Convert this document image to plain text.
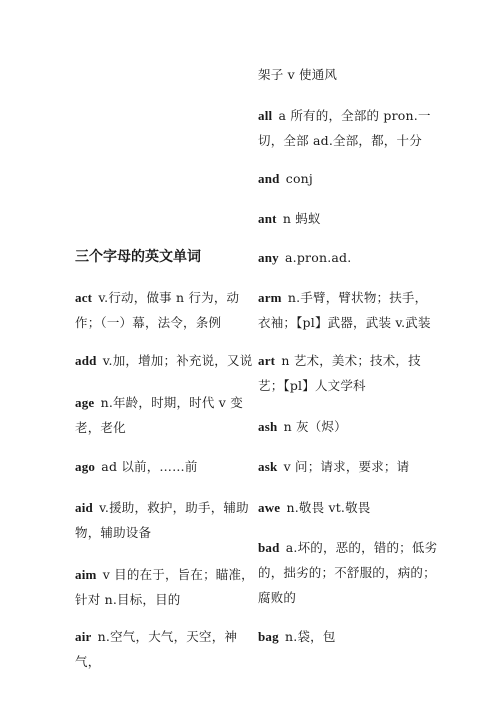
三个字母的英文单词
act v.行动，做事 n 行为，动作；（一）幕，法令，条例
add v.加，增加；补充说，又说
age n.年龄，时期，时代 v 变老，老化
ago ad 以前，……前
aid v.援助，救护，助手，辅助物，辅助设备
aim v 目的在于，旨在；瞄准，针对 n.目标，目的
air n.空气，大气，天空，神气，
架子 v 使通风
all a 所有的，全部的 pron.一切，全部 ad.全部，都，十分
and conj
ant n 蚂蚁
any a.pron.ad.
arm n.手臂，臂状物；扶手，衣袖；【pl】武器，武装 v.武装
art n 艺术，美术；技术，技艺；【pl】人文学科
ash n 灰（烬）
ask v 问；请求，要求；请
awe n.敬畏 vt.敬畏
bad a.坏的，恶的，错的；低劣的，拙劣的；不舒服的，病的；腐败的
bag n.袋，包
